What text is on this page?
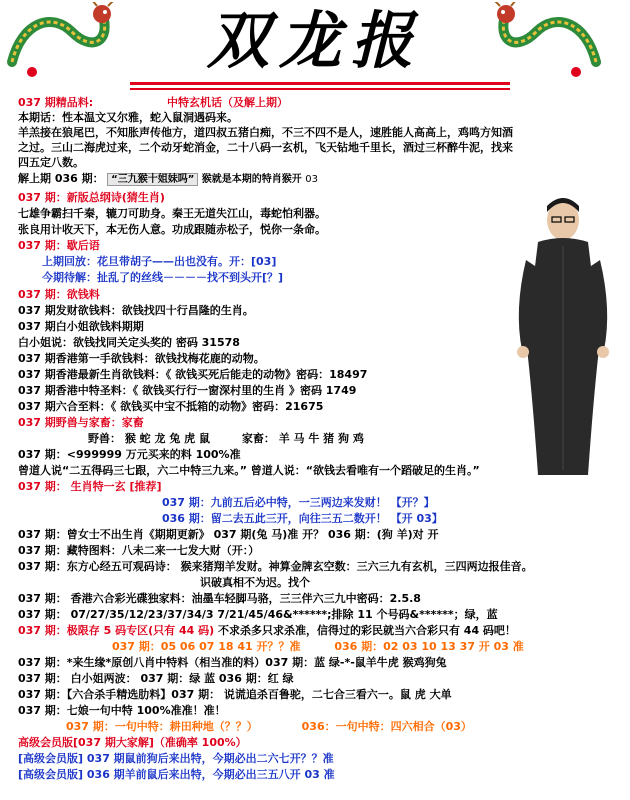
双龙报
037 期精品料:	中特玄机话（及解上期）
本期话：性本温文又尔雅，蛇入鼠洞遇码来。
羊羔接在狼尾巴，不知胀声传他方，道四叔五猪白痴，不三不四不是人，速胜能人高高上，鸡鸣方知酒
之过。三山二海虎过来，二个动牙蛇消金，二十八码一玄机，飞天钻地千里长，酒过三杯醉牛泥，找来
四五定八数。
解上期 036 期： “三九猴十姐妹吗” 猴就是本期的特肖猴开 03
037 期：新版总纲诗(猜生肖)
七雄争霸扫千秦，辘刀可助身。秦王无道失江山，毒蛇怕利器。
张良用计收天下，本无伤人意。功成跟随赤松子，悦你一条命。
037 期：歇后语
上期回放：花旦带胡子——出也没有。开：[03]
今期待解：扯乱了的丝线－－－－找不到头开[？]
037 期：欲钱料
037 期发财欲钱料：欲钱找四十行昌隆的生肖。
037 期白小姐欲钱料期期
白小姐说：欲钱找同关定头奖的 密码 31578
037 期香港第一手欲钱料：欲钱找梅花鹿的动物。
037 期香港最新生肖欲钱料：《 欲钱买死后能走的动物》密码：18497
037 期香港中特圣料：《 欲钱买行行一窗深村里的生肖 》密码 1749
037 期六合至料：《 欲钱买中宝不抵箱的动物》密码：21675
037 期野兽与家畜：家畜
野兽： 猴 蛇 龙 兔 虎 鼠	家畜： 羊 马 牛 猪 狗 鸡
037 期：<999999 万元买来的料 100%准
曾道人说“二五得码三七跟，六二中特三九来。” 曾道人说：“欲钱去看唯有一个蹈破足的生肖。”
037 期： 生肖特一玄 [推荐]
037 期：九前五后必中特，一三两边来发财！ 【开？】
036 期：留二去五此三开，向往三五二数开！ 【开 03】
037 期：曾女士不出生肖《期期更新》 037 期(兔 马)准 开？ 036 期：(狗 羊)对 开
037 期：藏特图料：八未二来一七发大财（开：）
037 期：东方心经五可观码诗： 猴来猪翔羊发财。神算金牌玄空数：三六三九有玄机，三四两边报佳音。
识破真相不为迟。找个
037 期： 香港六合彩光碟独家料：油墨车轻脚马骆，三三伴六三九中密码：2.5.8
037 期： 07/27/35/12/23/37/34/3 7/21/45/46&******;排除 11 个号码&******；绿，蓝
037 期：极限存 5 码专区(只有 44 码) 不求杀多只求杀准，信得过的彩民就当六合彩只有 44 码吧！
037 期：05 06 07 18 41 开？？准	036 期：02 03 10 13 37 开 03 准
037 期：*来生缘*原创八肖中特料（相当准的料）037 期：蓝 绿-*-鼠羊牛虎 猴鸡狗兔
037 期： 白小姐两波： 037 期：绿 蓝 036 期：红 绿
037 期：【六合杀手精选肋料】037 期： 说谎追杀百鲁驼，二七合三看六一。鼠 虎 大单
037 期：七娘一句中特 100%准准！准！
037 期：一句中特：耕田种地（？？）	036：一句中特：四六相合（03）
高级会员版[037 期大家解]（准确率 100%）
[高级会员版] 037 期鼠前狗后来出特，今期必出二六七开？？准
[高级会员版] 036 期羊前鼠后来出特，今期必出三五八开 03 准
